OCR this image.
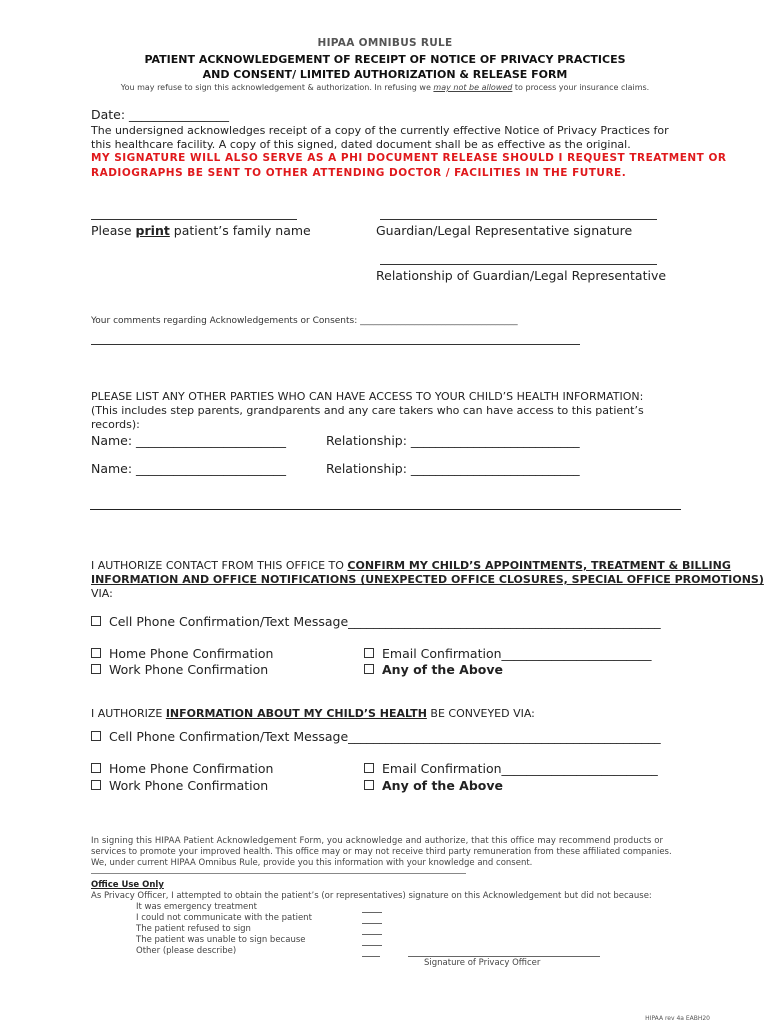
HIPAA OMNIBUS RULE
PATIENT ACKNOWLEDGEMENT OF RECEIPT OF NOTICE OF PRIVACY PRACTICES
AND CONSENT/ LIMITED AUTHORIZATION & RELEASE FORM
You may refuse to sign this acknowledgement & authorization. In refusing we may not be allowed to process your insurance claims.
Date: ________________
The undersigned acknowledges receipt of a copy of the currently effective Notice of Privacy Practices for
this healthcare facility. A copy of this signed, dated document shall be as effective as the original.
MY SIGNATURE WILL ALSO SERVE AS A PHI DOCUMENT RELEASE SHOULD I REQUEST TREATMENT OR
RADIOGRAPHS BE SENT TO OTHER ATTENDING DOCTOR / FACILITIES IN THE FUTURE.
Please print patient’s family name	Guardian/Legal Representative signature
Relationship of Guardian/Legal Representative
Your comments regarding Acknowledgements or Consents: ___________________________________
PLEASE LIST ANY OTHER PARTIES WHO CAN HAVE ACCESS TO YOUR CHILD’S HEALTH INFORMATION:
(This includes step parents, grandparents and any care takers who can have access to this patient’s
records):
Name: ________________________	Relationship: ___________________________
Name: ________________________	Relationship: ___________________________
I AUTHORIZE CONTACT FROM THIS OFFICE TO CONFIRM MY CHILD’S APPOINTMENTS, TREATMENT & BILLING
INFORMATION AND OFFICE NOTIFICATIONS (UNEXPECTED OFFICE CLOSURES, SPECIAL OFFICE PROMOTIONS)
VIA:
Cell Phone Confirmation/Text Message__________________________________________________
Home Phone Confirmation
Work Phone Confirmation
Email Confirmation________________________
Any of the Above
I AUTHORIZE INFORMATION ABOUT MY CHILD’S HEALTH BE CONVEYED VIA:
Cell Phone Confirmation/Text Message__________________________________________________
Home Phone Confirmation
Work Phone Confirmation
Email Confirmation_________________________
Any of the Above
In signing this HIPAA Patient Acknowledgement Form, you acknowledge and authorize, that this office may recommend products or
services to promote your improved health. This office may or may not receive third party remuneration from these affiliated companies.
We, under current HIPAA Omnibus Rule, provide you this information with your knowledge and consent.
Office Use Only
As Privacy Officer, I attempted to obtain the patient’s (or representatives) signature on this Acknowledgement but did not because:
It was emergency treatment
I could not communicate with the patient
The patient refused to sign
The patient was unable to sign because
Other (please describe)
Signature of Privacy Officer
HIPAA rev 4a EABH20
